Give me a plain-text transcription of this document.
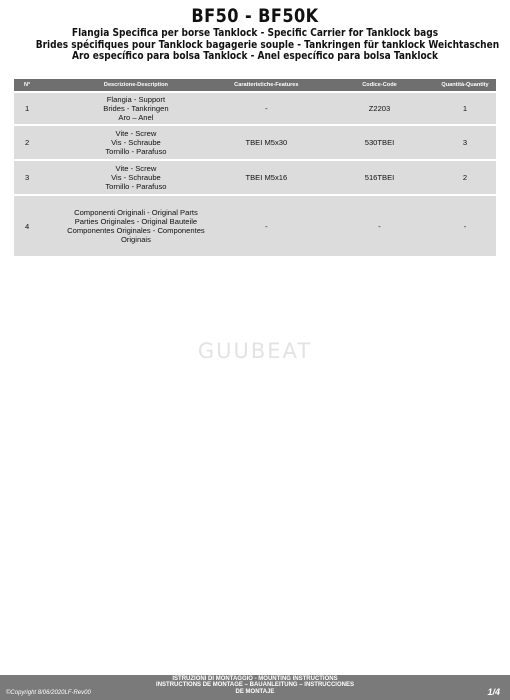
BF50 - BF50K
Flangia Specifica per borse Tanklock - Specific Carrier for Tanklock bags
Brides spécifiques pour Tanklock bagagerie souple - Tankringen für tanklock Weichtaschen
Aro específico para bolsa Tanklock - Anel específico para bolsa Tanklock
N°	Descrizione-Description	Caratteristiche-Features	Codice-Code	Quantità-Quantity
1	Flangia - Support
Brides - Tankringen
Aro – Anel	-	Z2203	1
2	Vite - Screw
Vis - Schraube
Tornillo - Parafuso	TBEI M5x30	530TBEI	3
3	Vite - Screw
Vis - Schraube
Tornillo - Parafuso	TBEI M5x16	516TBEI	2
4	Componenti Originali - Original Parts
Parties Originales - Original Bauteile
Componentes Originales - Componentes
Originais	-	-	-
GUUBEAT
©Copyright 8/06/2020LF-Rev00
ISTRUZIONI DI MONTAGGIO - MOUNTING INSTRUCTIONS
INSTRUCTIONS DE MONTAGE – BAUANLEITUNG – INSTRUCCIONES
DE MONTAJE	1/4
